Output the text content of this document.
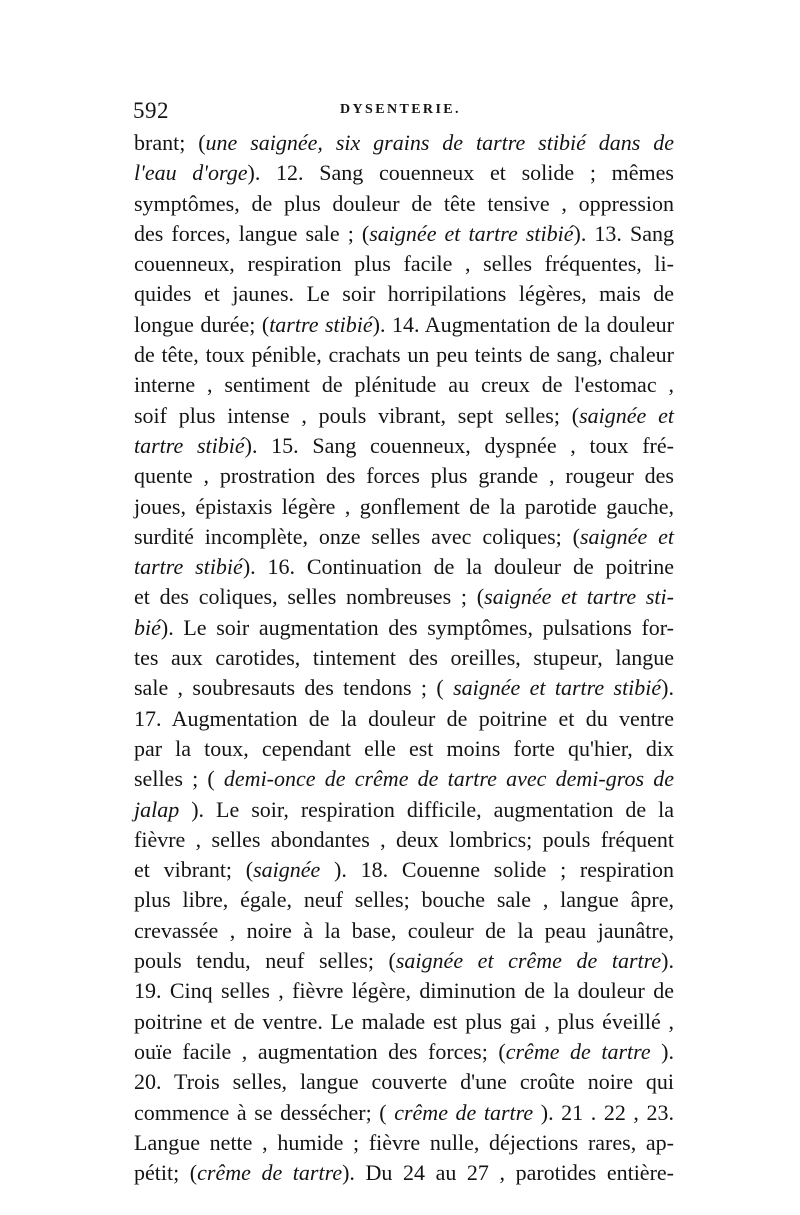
592	DYSENTERIE.
brant; (une saignée, six grains de tartre stibié dans de
l'eau d'orge). 12. Sang couenneux et solide ; mêmes
symptômes, de plus douleur de tête tensive , oppression
des forces, langue sale ; (saignée et tartre stibié). 13. Sang
couenneux, respiration plus facile , selles fréquentes, li-
quides et jaunes. Le soir horripilations légères, mais de
longue durée; (tartre stibié). 14. Augmentation de la douleur
de tête, toux pénible, crachats un peu teints de sang, chaleur
interne , sentiment de plénitude au creux de l'estomac ,
soif plus intense , pouls vibrant, sept selles; (saignée et
tartre stibié). 15. Sang couenneux, dyspnée , toux fré-
quente , prostration des forces plus grande , rougeur des
joues, épistaxis légère , gonflement de la parotide gauche,
surdité incomplète, onze selles avec coliques; (saignée et
tartre stibié). 16. Continuation de la douleur de poitrine
et des coliques, selles nombreuses ; (saignée et tartre sti-
bié). Le soir augmentation des symptômes, pulsations for-
tes aux carotides, tintement des oreilles, stupeur, langue
sale , soubresauts des tendons ; ( saignée et tartre stibié).
17. Augmentation de la douleur de poitrine et du ventre
par la toux, cependant elle est moins forte qu'hier, dix
selles ; ( demi-once de crême de tartre avec demi-gros de
jalap ). Le soir, respiration difficile, augmentation de la
fièvre , selles abondantes , deux lombrics; pouls fréquent
et vibrant; (saignée ). 18. Couenne solide ; respiration
plus libre, égale, neuf selles; bouche sale , langue âpre,
crevassée , noire à la base, couleur de la peau jaunâtre,
pouls tendu, neuf selles; (saignée et crême de tartre).
19. Cinq selles , fièvre légère, diminution de la douleur de
poitrine et de ventre. Le malade est plus gai , plus éveillé ,
ouïe facile , augmentation des forces; (crême de tartre ).
20. Trois selles, langue couverte d'une croûte noire qui
commence à se dessécher; ( crême de tartre ). 21 . 22 , 23.
Langue nette , humide ; fièvre nulle, déjections rares, ap-
pétit; (crême de tartre). Du 24 au 27 , parotides entière-
